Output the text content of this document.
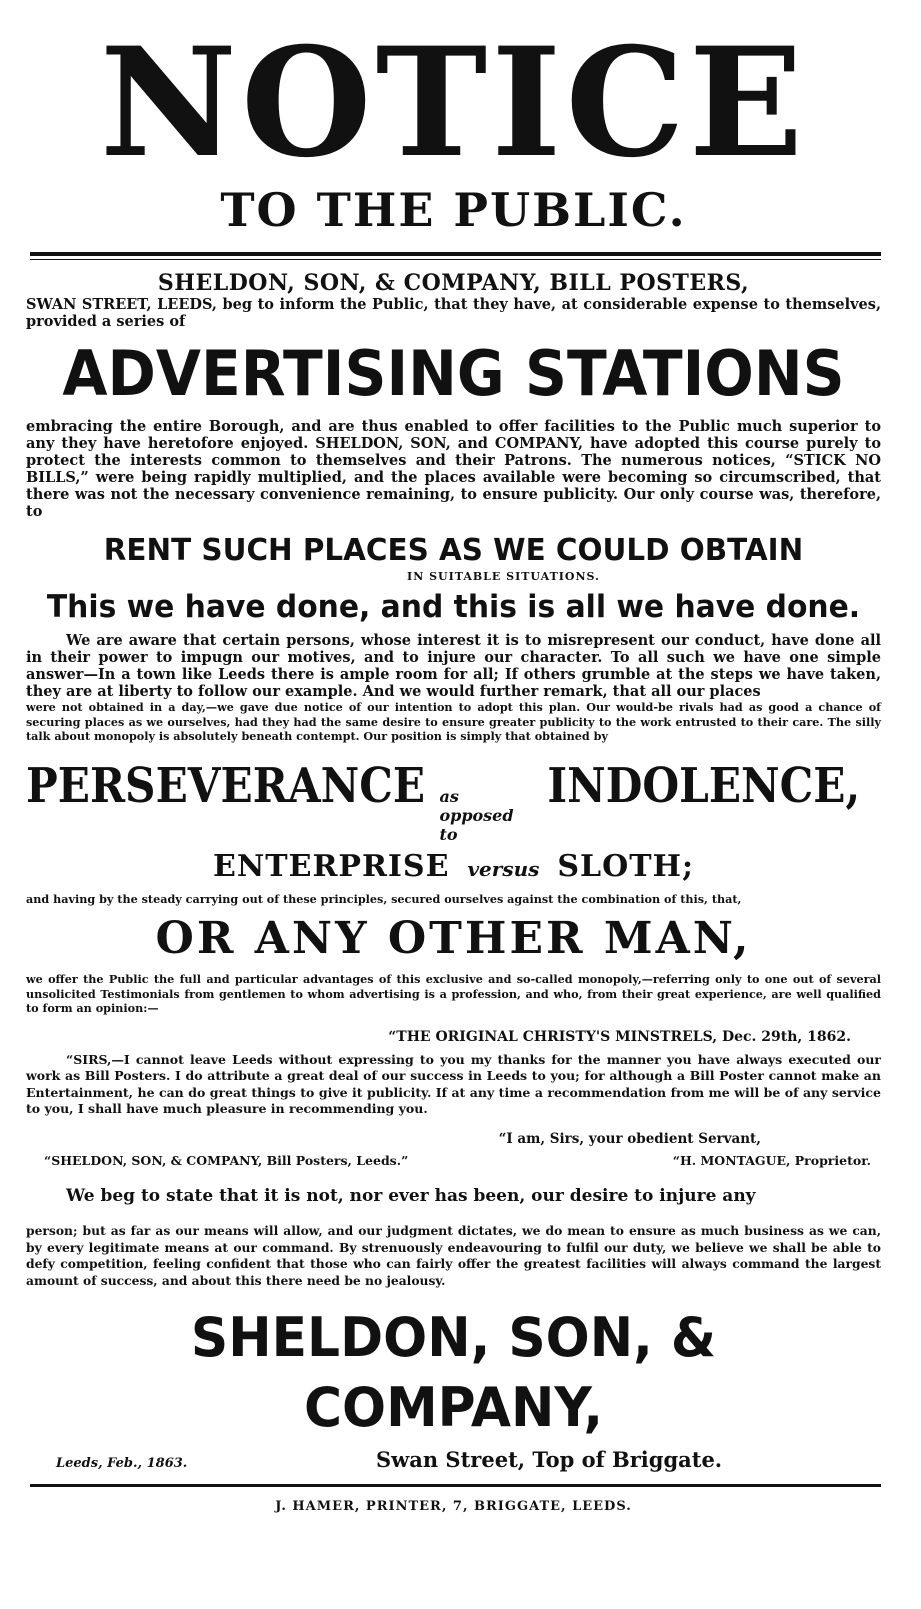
NOTICE
TO THE PUBLIC.
SHELDON, SON, & COMPANY, BILL POSTERS,

SWAN STREET, LEEDS, beg to inform the Public, that they have, at considerable expense to themselves, provided a series of

ADVERTISING STATIONS

embracing the entire Borough, and are thus enabled to offer facilities to the Public much superior to any they have heretofore enjoyed. SHELDON, SON, and COMPANY, have adopted this course purely to protect the interests common to themselves and their Patrons. The numerous notices, “STICK NO BILLS,” were being rapidly multiplied, and the places available were becoming so circumscribed, that there was not the necessary convenience remaining, to ensure publicity. Our only course was, therefore, to

RENT SUCH PLACES AS WE COULD OBTAIN
IN SUITABLE SITUATIONS.
This we have done, and this is all we have done.

We are aware that certain persons, whose interest it is to misrepresent our conduct, have done all in their power to impugn our motives, and to injure our character. To all such we have one simple answer—In a town like Leeds there is ample room for all; If others grumble at the steps we have taken, they are at liberty to follow our example. And we would further remark, that all our places

were not obtained in a day,—we gave due notice of our intention to adopt this plan. Our would-be rivals had as good a chance of securing places as we ourselves, had they had the same desire to ensure greater publicity to the work entrusted to their care. The silly talk about monopoly is absolutely beneath contempt. Our position is simply that obtained by

PERSEVERANCE as opposed to
INDOLENCE,
ENTERPRISE versus SLOTH;

and having by the steady carrying out of these principles, secured ourselves against the combination of this, that,

OR ANY OTHER MAN,

we offer the Public the full and particular advantages of this exclusive and so-called monopoly,—referring only to one out of several unsolicited Testimonials from gentlemen to whom advertising is a profession, and who, from their great experience, are well qualified to form an opinion:—

“THE ORIGINAL CHRISTY'S MINSTRELS, Dec. 29th, 1862.

“SIRS,—I cannot leave Leeds without expressing to you my thanks for the manner you have always executed our work as Bill Posters. I do attribute a great deal of our success in Leeds to you; for although a Bill Poster cannot make an Entertainment, he can do great things to give it publicity. If at any time a recommendation from me will be of any service to you, I shall have much pleasure in recommending you.

“I am, Sirs, your obedient Servant,
“SHELDON, SON, & COMPANY, Bill Posters, Leeds.”	“H. MONTAGUE, Proprietor.

We beg to state that it is not, nor ever has been, our desire to injure any

person; but as far as our means will allow, and our judgment dictates, we do mean to ensure as much business as we can, by every legitimate means at our command. By strenuously endeavouring to fulfil our duty, we believe we shall be able to defy competition, feeling confident that those who can fairly offer the greatest facilities will always command the largest amount of success, and about this there need be no jealousy.

SHELDON, SON, & COMPANY,
Leeds, Feb., 1863.	Swan Street, Top of Briggate.
J. HAMER, PRINTER, 7, BRIGGATE, LEEDS.
